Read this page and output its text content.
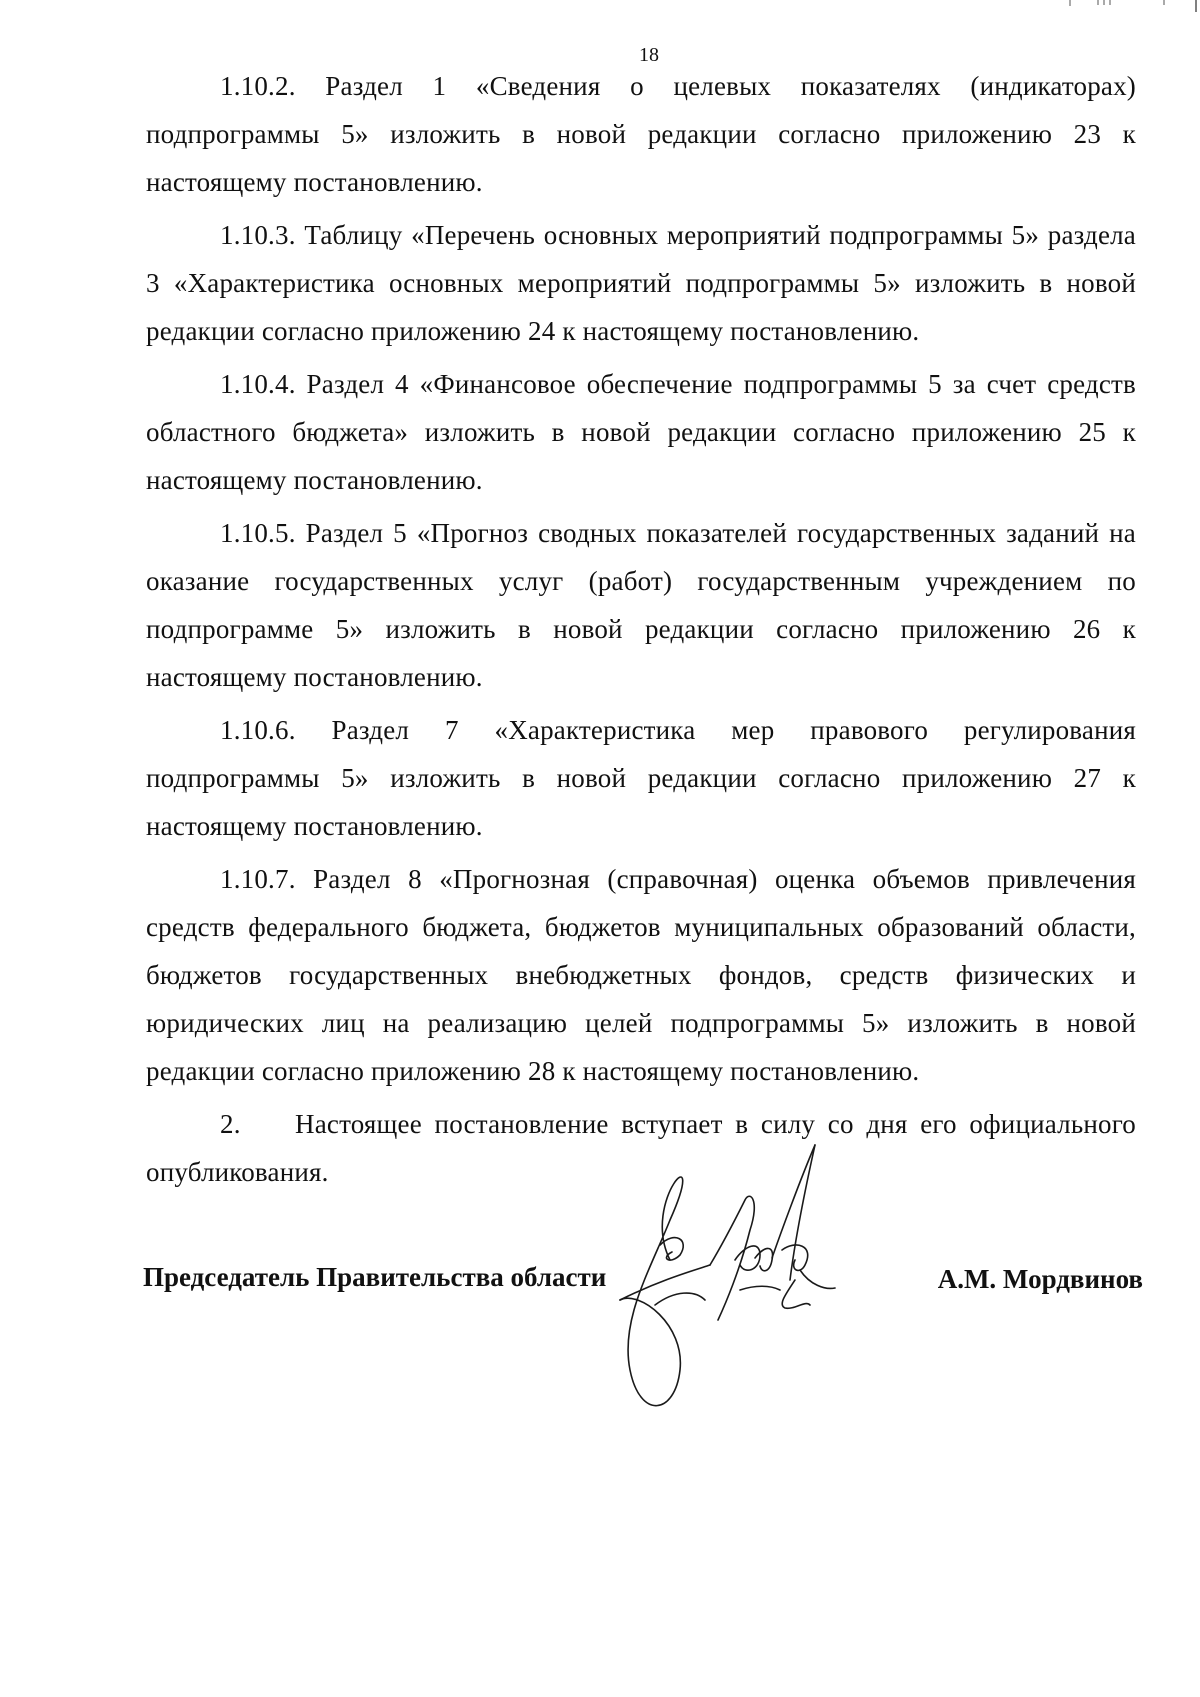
18

1.10.2. Раздел 1 «Сведения о целевых показателях (индикаторах) подпрограммы 5» изложить в новой редакции согласно приложению 23 к настоящему постановлению.

1.10.3. Таблицу «Перечень основных мероприятий подпрограммы 5» раздела 3 «Характеристика основных мероприятий подпрограммы 5» изложить в новой редакции согласно приложению 24 к настоящему постановлению.

1.10.4. Раздел 4 «Финансовое обеспечение подпрограммы 5 за счет средств областного бюджета» изложить в новой редакции согласно приложению 25 к настоящему постановлению.

1.10.5. Раздел 5 «Прогноз сводных показателей государственных заданий на оказание государственных услуг (работ) государственным учреждением по подпрограмме 5» изложить в новой редакции согласно приложению 26 к настоящему постановлению.

1.10.6. Раздел 7 «Характеристика мер правового регулирования подпрограммы 5» изложить в новой редакции согласно приложению 27 к настоящему постановлению.

1.10.7. Раздел 8 «Прогнозная (справочная) оценка объемов привлечения средств федерального бюджета, бюджетов муниципальных образований области, бюджетов государственных внебюджетных фондов, средств физических и юридических лиц на реализацию целей подпрограммы 5» изложить в новой редакции согласно приложению 28 к настоящему постановлению.

2. Настоящее постановление вступает в силу со дня его официального опубликования.

Председатель Правительства области	А.М. Мордвинов
